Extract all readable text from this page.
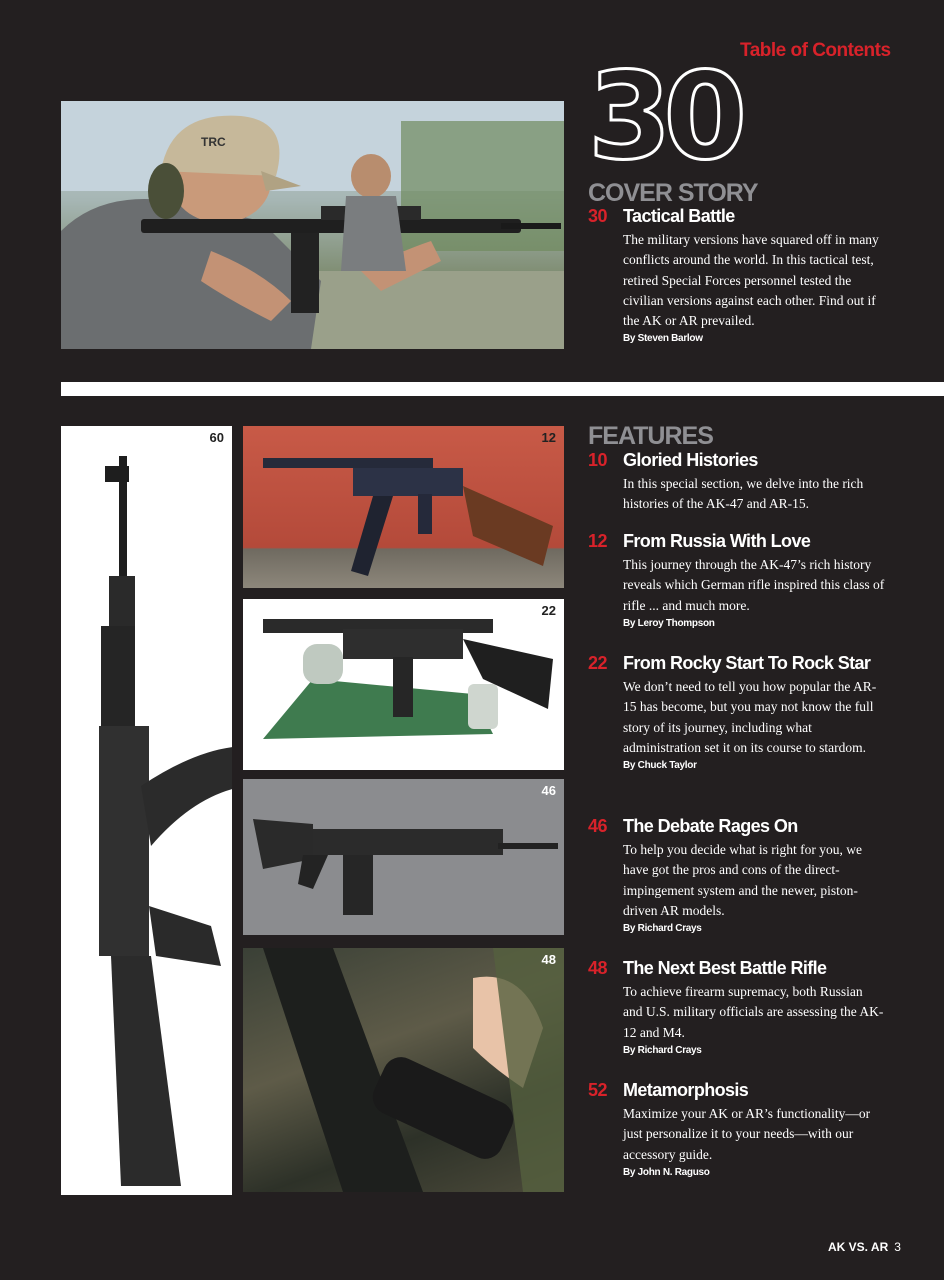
Table of Contents
TRC	30
COVER STORY
30 Tactical Battle
The military versions have squared off in many conflicts around the world. In this tactical test, retired Special Forces personnel tested the civilian versions against each other. Find out if the AK or AR prevailed.
By Steven Barlow
60	12
22
46
48
FEATURES
10 Gloried Histories
In this special section, we delve into the rich histories of the AK-47 and AR-15.
12 From Russia With Love
This journey through the AK-47’s rich history reveals which German rifle inspired this class of rifle ... and much more.
By Leroy Thompson
22 From Rocky Start To Rock Star
We don’t need to tell you how popular the AR-15 has become, but you may not know the full story of its journey, including what administration set it on its course to stardom.
By Chuck Taylor
46 The Debate Rages On
To help you decide what is right for you, we have got the pros and cons of the direct-impingement system and the newer, piston-driven AR models.
By Richard Crays
48 The Next Best Battle Rifle
To achieve firearm supremacy, both Russian and U.S. military officials are assessing the AK-12 and M4.
By Richard Crays
52 Metamorphosis
Maximize your AK or AR’s functionality—or just personalize it to your needs—with our accessory guide.
By John N. Raguso
AK VS. AR 3
